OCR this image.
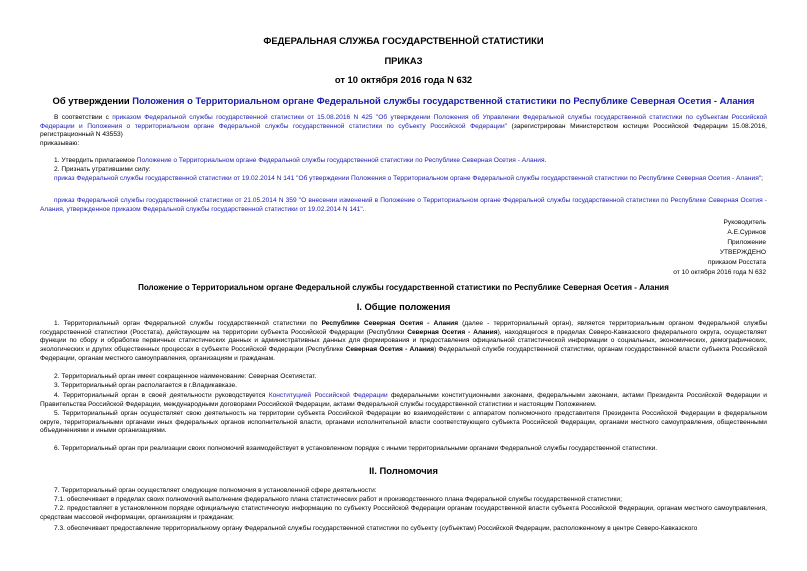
ФЕДЕРАЛЬНАЯ СЛУЖБА ГОСУДАРСТВЕННОЙ СТАТИСТИКИ
ПРИКАЗ
от 10 октября 2016 года N 632
Об утверждении Положения о Территориальном органе Федеральной службы государственной статистики по Республике Северная Осетия - Алания
В соответствии с приказом Федеральной службы государственной статистики от 15.08.2016 N 425 "Об утверждении Положения об Управлении Федеральной службы государственной статистики по субъектам Российской Федерации и Положения о территориальном органе Федеральной службы государственной статистики по субъекту Российской Федерации" (зарегистрирован Министерством юстиции Российской Федерации 15.08.2016, регистрационный N 43553)
приказываю:
1. Утвердить прилагаемое Положение о Территориальном органе Федеральной службы государственной статистики по Республике Северная Осетия - Алания.
2. Признать утратившими силу:
приказ Федеральной службы государственной статистики от 19.02.2014 N 141 "Об утверждении Положения о Территориальном органе Федеральной службы государственной статистики по Республике Северная Осетия - Алания";
приказ Федеральной службы государственной статистики от 21.05.2014 N 359 "О внесении изменений в Положение о Территориальном органе Федеральной службы государственной статистики по Республике Северная Осетия - Алания, утвержденное приказом Федеральной службы государственной статистики от 19.02.2014 N 141".
Руководитель
А.Е.Суринов
Приложение
УТВЕРЖДЕНО
приказом Росстата
от 10 октября 2016 года N 632
Положение о Территориальном органе Федеральной службы государственной статистики по Республике Северная Осетия - Алания
I. Общие положения
1. Территориальный орган Федеральной службы государственной статистики по Республике Северная Осетия - Алания (далее - территориальный орган), является территориальным органом Федеральной службы государственной статистики (Росстата), действующим на территории субъекта Российской Федерации (Республики Северная Осетия - Алания), находящегося в пределах Северо-Кавказского федерального округа, осуществляет функции по сбору и обработке первичных статистических данных и административных данных для формирования и предоставления официальной статистической информации о социальных, экономических, демографических, экологических и других общественных процессах в субъекте Российской Федерации (Республике Северная Осетия - Алания) Федеральной службе государственной статистики, органам государственной власти субъекта Российской Федерации, органам местного самоуправления, организациям и гражданам.
2. Территориальный орган имеет сокращенное наименование: Северная Осетиястат.
3. Территориальный орган располагается в г.Владикавказе.
4. Территориальный орган в своей деятельности руководствуется Конституцией Российской Федерации федеральными конституционными законами, федеральными законами, актами Президента Российской Федерации и Правительства Российской Федерации, международными договорами Российской Федерации, актами Федеральной службы государственной статистики и настоящим Положением.
5. Территориальный орган осуществляет свою деятельность на территории субъекта Российской Федерации во взаимодействии с аппаратом полномочного представителя Президента Российской Федерации в федеральном округе, территориальными органами иных федеральных органов исполнительной власти, органами исполнительной власти соответствующего субъекта Российской Федерации, органами местного самоуправления, общественными объединениями и иными организациями.
6. Территориальный орган при реализации своих полномочий взаимодействует в установленном порядке с иными территориальными органами Федеральной службы государственной статистики.
II. Полномочия
7. Территориальный орган осуществляет следующие полномочия в установленной сфере деятельности:
7.1. обеспечивает в пределах своих полномочий выполнение федерального плана статистических работ и производственного плана Федеральной службы государственной статистики;
7.2. предоставляет в установленном порядке официальную статистическую информацию по субъекту Российской Федерации органам государственной власти субъекта Российской Федерации, органам местного самоуправления, средствам массовой информации, организациям и гражданам;
7.3. обеспечивает предоставление территориальному органу Федеральной службы государственной статистики по субъекту (субъектам) Российской Федерации, расположенному в центре Северо-Кавказского
